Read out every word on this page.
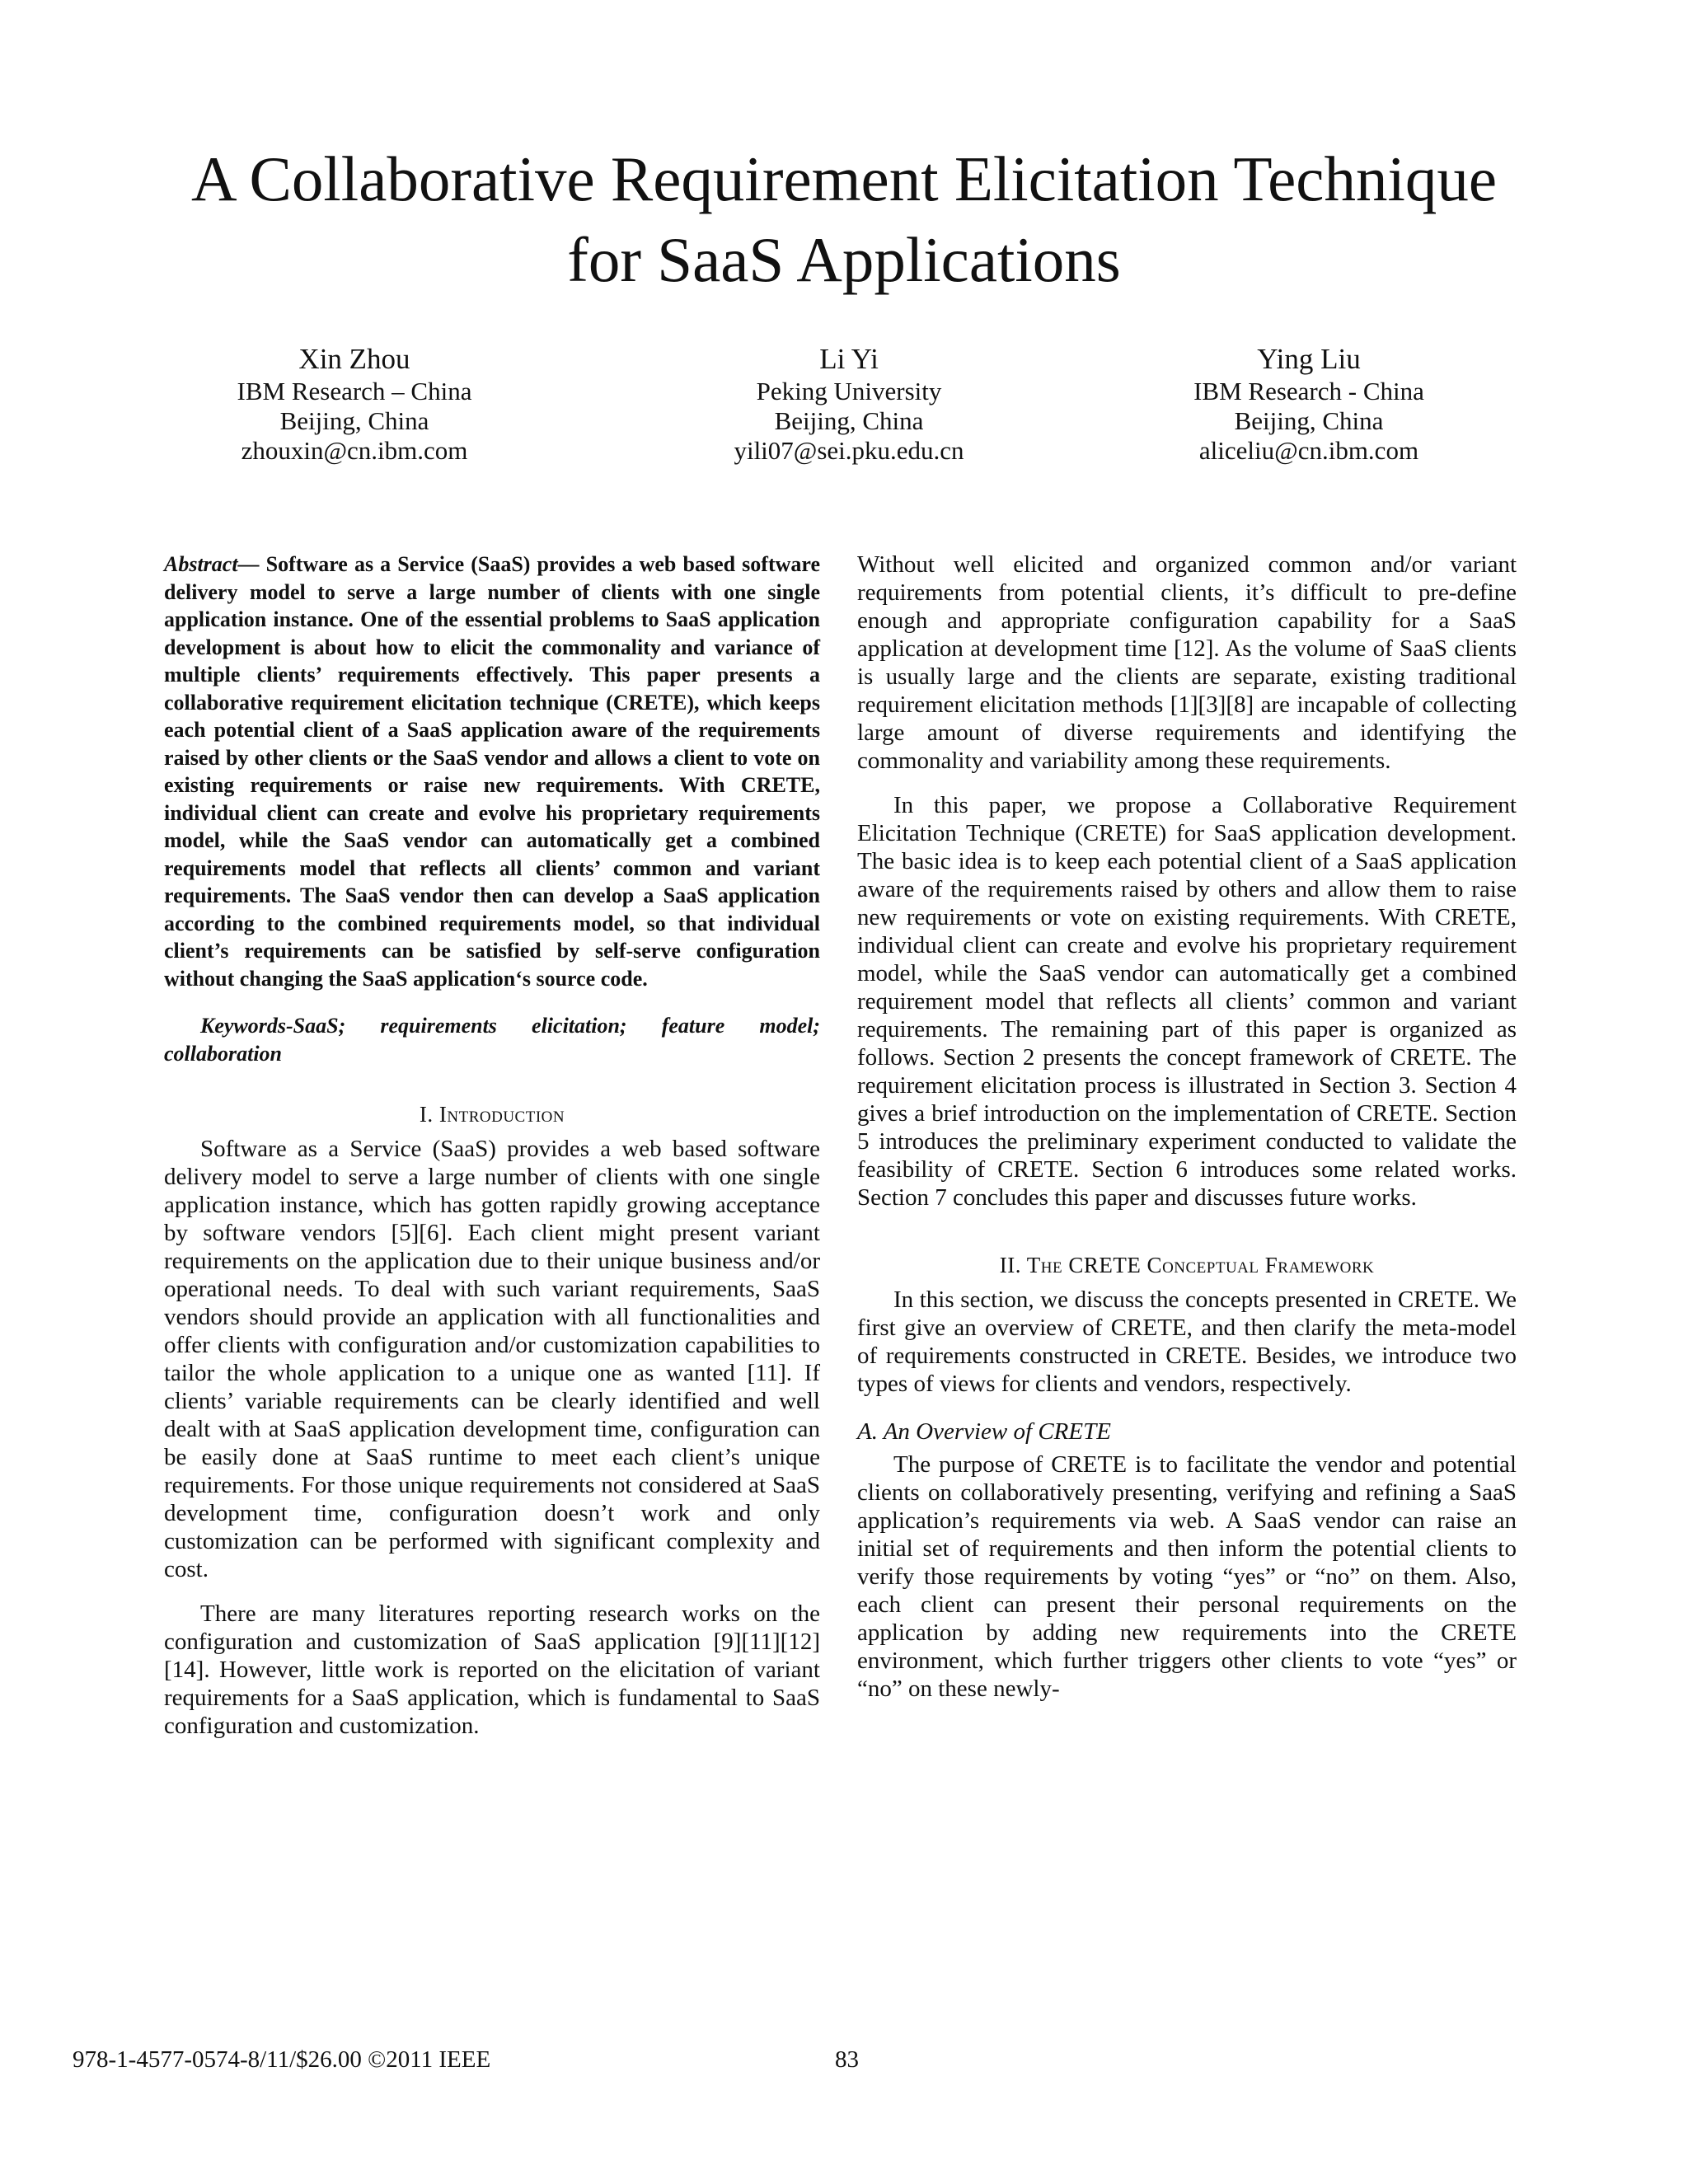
A Collaborative Requirement Elicitation Technique
for SaaS Applications
Xin Zhou
IBM Research – China
Beijing, China
zhouxin@cn.ibm.com
Li Yi
Peking University
Beijing, China
yili07@sei.pku.edu.cn
Ying Liu
IBM Research - China
Beijing, China
aliceliu@cn.ibm.com

Abstract— Software as a Service (SaaS) provides a web based software delivery model to serve a large number of clients with one single application instance. One of the essential problems to SaaS application development is about how to elicit the commonality and variance of multiple clients’ requirements effectively. This paper presents a collaborative requirement elicitation technique (CRETE), which keeps each potential client of a SaaS application aware of the requirements raised by other clients or the SaaS vendor and allows a client to vote on existing requirements or raise new requirements. With CRETE, individual client can create and evolve his proprietary requirements model, while the SaaS vendor can automatically get a combined requirements model that reflects all clients’ common and variant requirements. The SaaS vendor then can develop a SaaS application according to the combined requirements model, so that individual client’s requirements can be satisfied by self-serve configuration without changing the SaaS application‘s source code.

Keywords-SaaS; requirements elicitation; feature model; collaboration

I. Introduction

Software as a Service (SaaS) provides a web based software delivery model to serve a large number of clients with one single application instance, which has gotten rapidly growing acceptance by software vendors [5][6]. Each client might present variant requirements on the application due to their unique business and/or operational needs. To deal with such variant requirements, SaaS vendors should provide an application with all functionalities and offer clients with configuration and/or customization capabilities to tailor the whole application to a unique one as wanted [11]. If clients’ variable requirements can be clearly identified and well dealt with at SaaS application development time, configuration can be easily done at SaaS runtime to meet each client’s unique requirements. For those unique requirements not considered at SaaS development time, configuration doesn’t work and only customization can be performed with significant complexity and cost.

There are many literatures reporting research works on the configuration and customization of SaaS application [9][11][12][14]. However, little work is reported on the elicitation of variant requirements for a SaaS application, which is fundamental to SaaS configuration and customization.

Without well elicited and organized common and/or variant requirements from potential clients, it’s difficult to pre-define enough and appropriate configuration capability for a SaaS application at development time [12]. As the volume of SaaS clients is usually large and the clients are separate, existing traditional requirement elicitation methods [1][3][8] are incapable of collecting large amount of diverse requirements and identifying the commonality and variability among these requirements.

In this paper, we propose a Collaborative Requirement Elicitation Technique (CRETE) for SaaS application development. The basic idea is to keep each potential client of a SaaS application aware of the requirements raised by others and allow them to raise new requirements or vote on existing requirements. With CRETE, individual client can create and evolve his proprietary requirement model, while the SaaS vendor can automatically get a combined requirement model that reflects all clients’ common and variant requirements. The remaining part of this paper is organized as follows. Section 2 presents the concept framework of CRETE. The requirement elicitation process is illustrated in Section 3. Section 4 gives a brief introduction on the implementation of CRETE. Section 5 introduces the preliminary experiment conducted to validate the feasibility of CRETE. Section 6 introduces some related works. Section 7 concludes this paper and discusses future works.

II. The CRETE Conceptual Framework

In this section, we discuss the concepts presented in CRETE. We first give an overview of CRETE, and then clarify the meta-model of requirements constructed in CRETE. Besides, we introduce two types of views for clients and vendors, respectively.

A. An Overview of CRETE

The purpose of CRETE is to facilitate the vendor and potential clients on collaboratively presenting, verifying and refining a SaaS application’s requirements via web. A SaaS vendor can raise an initial set of requirements and then inform the potential clients to verify those requirements by voting “yes” or “no” on them. Also, each client can present their personal requirements on the application by adding new requirements into the CRETE environment, which further triggers other clients to vote “yes” or “no” on these newly-

978-1-4577-0574-8/11/$26.00 ©2011 IEEE	83
